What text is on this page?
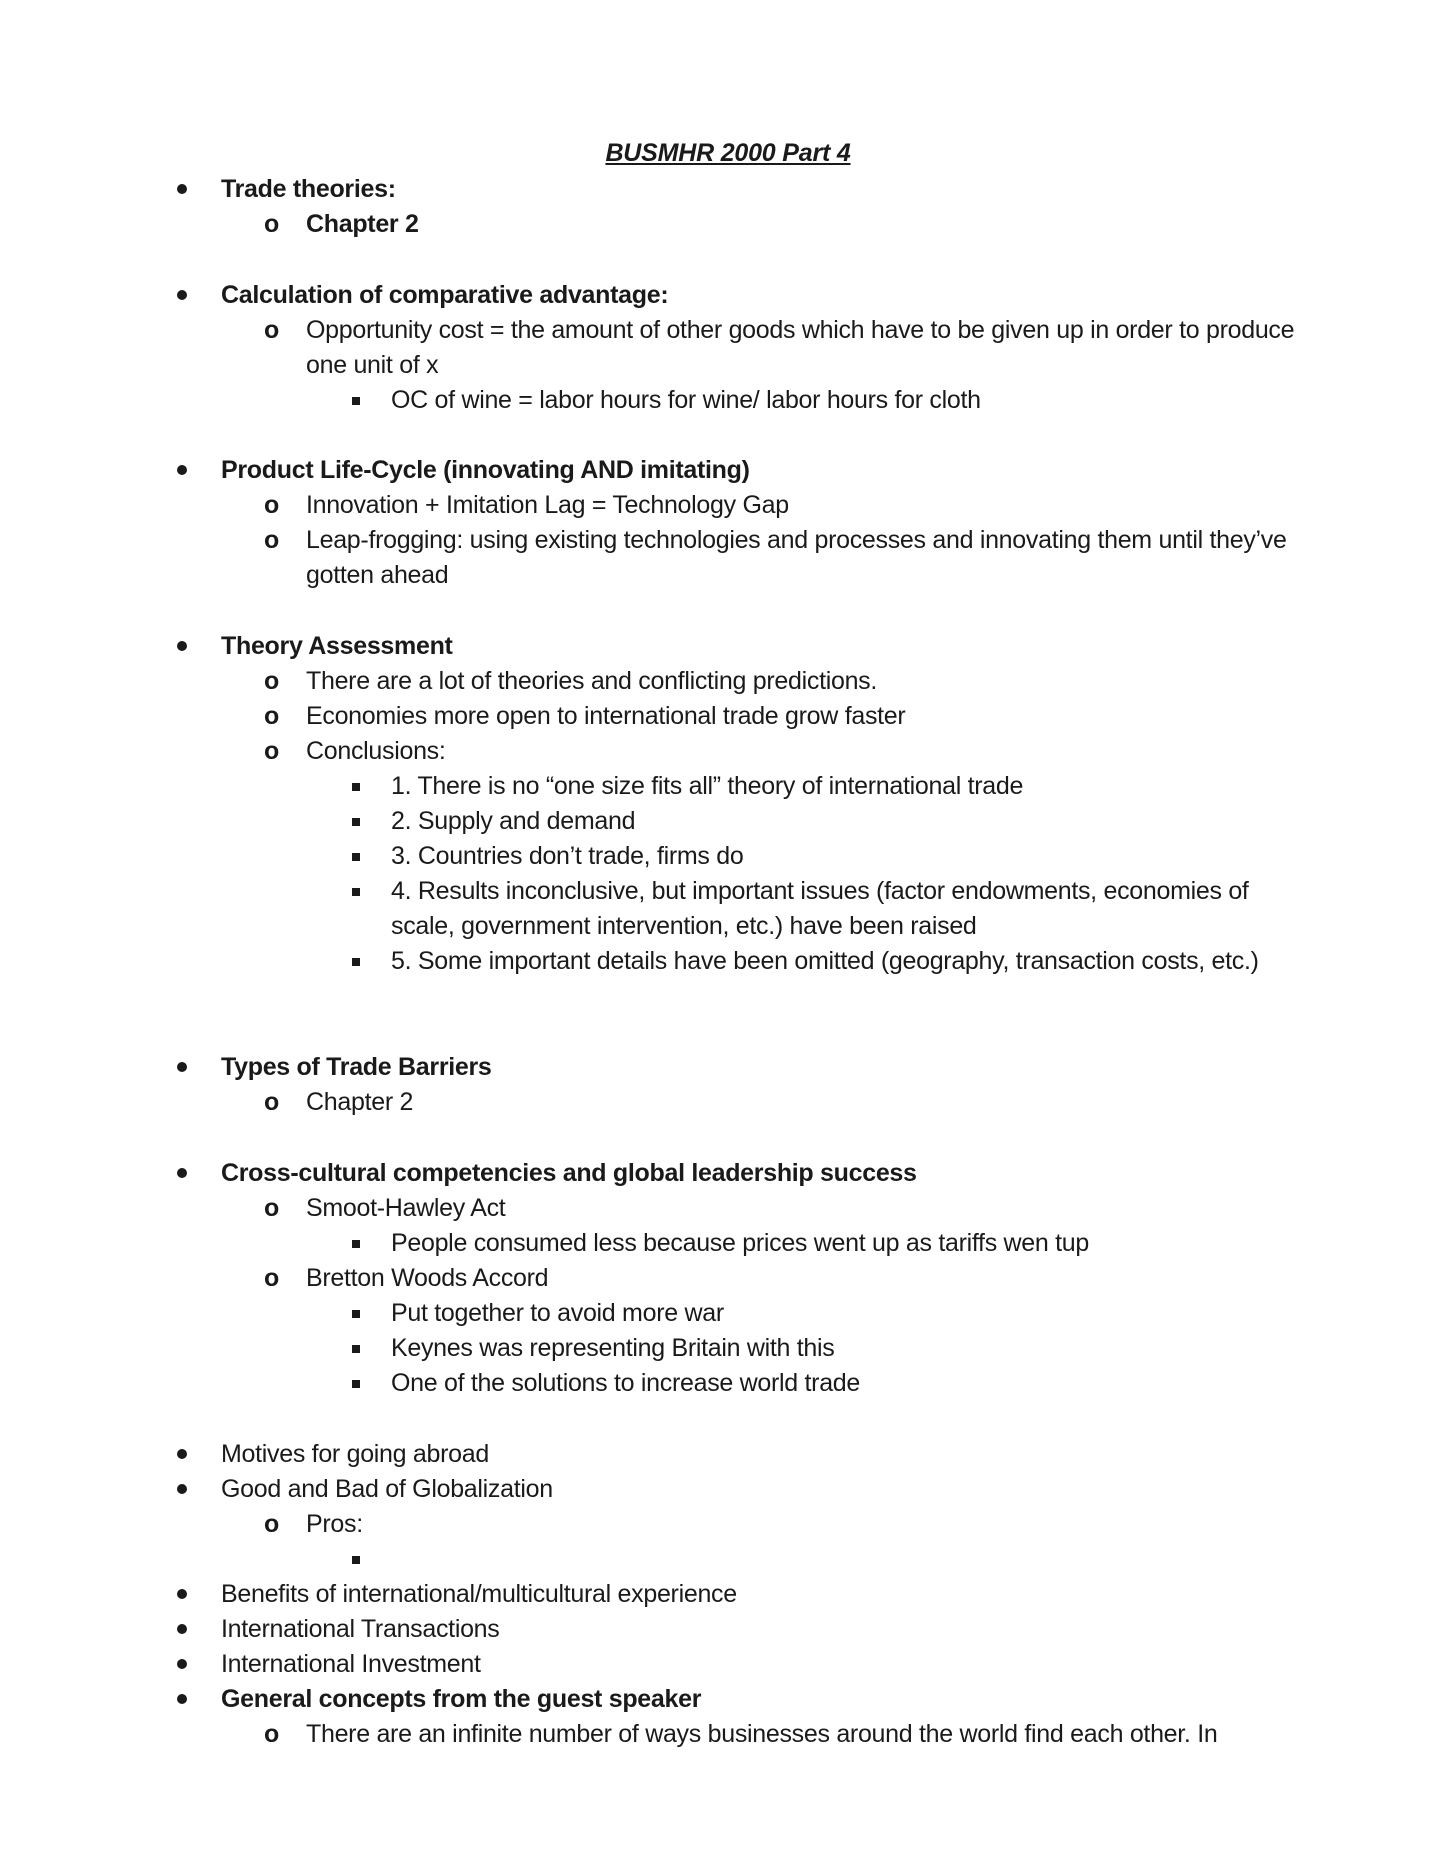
BUSMHR 2000 Part 4
Trade theories:
o Chapter 2
Calculation of comparative advantage:
o Opportunity cost = the amount of other goods which have to be given up in order to produce one unit of x
OC of wine = labor hours for wine/ labor hours for cloth
Product Life-Cycle (innovating AND imitating)
o Innovation + Imitation Lag = Technology Gap
o Leap-frogging: using existing technologies and processes and innovating them until they’ve gotten ahead
Theory Assessment
o There are a lot of theories and conflicting predictions.
o Economies more open to international trade grow faster
o Conclusions:
1. There is no “one size fits all” theory of international trade
2. Supply and demand
3. Countries don’t trade, firms do
4. Results inconclusive, but important issues (factor endowments, economies of scale, government intervention, etc.) have been raised
5. Some important details have been omitted (geography, transaction costs, etc.)
Types of Trade Barriers
o Chapter 2
Cross-cultural competencies and global leadership success
o Smoot-Hawley Act
People consumed less because prices went up as tariffs wen tup
o Bretton Woods Accord
Put together to avoid more war
Keynes was representing Britain with this
One of the solutions to increase world trade
Motives for going abroad
Good and Bad of Globalization
o Pros:
Benefits of international/multicultural experience
International Transactions
International Investment
General concepts from the guest speaker
o There are an infinite number of ways businesses around the world find each other. In
